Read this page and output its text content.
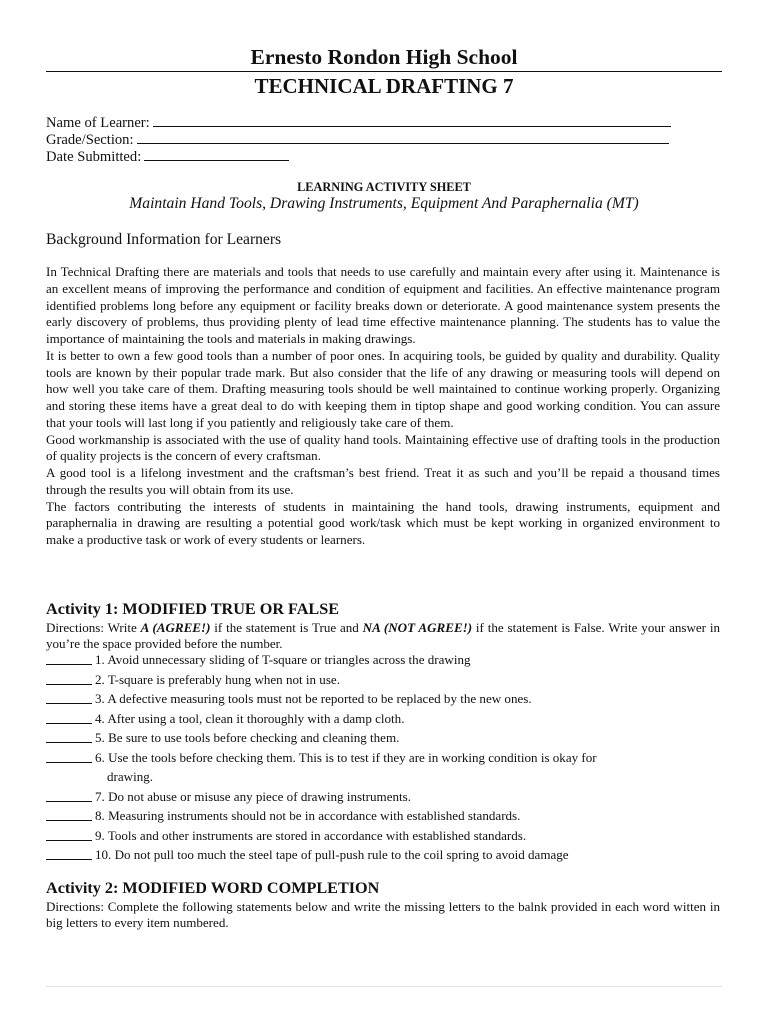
Ernesto Rondon High School
TECHNICAL DRAFTING 7
Name of Learner:
Grade/Section:
Date Submitted:
LEARNING ACTIVITY SHEET
Maintain Hand Tools, Drawing Instruments, Equipment And Paraphernalia (MT)
Background Information for Learners

In Technical Drafting there are materials and tools that needs to use carefully and maintain every after using it. Maintenance is an excellent means of improving the performance and condition of equipment and facilities. An effective maintenance program identified problems long before any equipment or facility breaks down or deteriorate. A good maintenance system presents the early discovery of problems, thus providing plenty of lead time effective maintenance planning. The students has to value the importance of maintaining the tools and materials in making drawings.

It is better to own a few good tools than a number of poor ones. In acquiring tools, be guided by quality and durability. Quality tools are known by their popular trade mark. But also consider that the life of any drawing or measuring tools will depend on how well you take care of them. Drafting measuring tools should be well maintained to continue working properly. Organizing and storing these items have a great deal to do with keeping them in tiptop shape and good working condition. You can assure that your tools will last long if you patiently and religiously take care of them.

Good workmanship is associated with the use of quality hand tools. Maintaining effective use of drafting tools in the production of quality projects is the concern of every craftsman.

A good tool is a lifelong investment and the craftsman’s best friend. Treat it as such and you’ll be repaid a thousand times through the results you will obtain from its use.

The factors contributing the interests of students in maintaining the hand tools, drawing instruments, equipment and paraphernalia in drawing are resulting a potential good work/task which must be kept working in organized environment to make a productive task or work of every students or learners.

Activity 1: MODIFIED TRUE OR FALSE
Directions: Write A (AGREE!) if the statement is True and NA (NOT AGREE!) if the statement is False. Write your answer in you’re the space provided before the number.
1. Avoid unnecessary sliding of T-square or triangles across the drawing
2. T-square is preferably hung when not in use.
3. A defective measuring tools must not be reported to be replaced by the new ones.
4. After using a tool, clean it thoroughly with a damp cloth.
5. Be sure to use tools before checking and cleaning them.
6. Use the tools before checking them. This is to test if they are in working condition is okay for
drawing.
7. Do not abuse or misuse any piece of drawing instruments.
8. Measuring instruments should not be in accordance with established standards.
9. Tools and other instruments are stored in accordance with established standards.
10. Do not pull too much the steel tape of pull-push rule to the coil spring to avoid damage
Activity 2: MODIFIED WORD COMPLETION
Directions: Complete the following statements below and write the missing letters to the balnk provided in each word witten in big letters to every item numbered.
